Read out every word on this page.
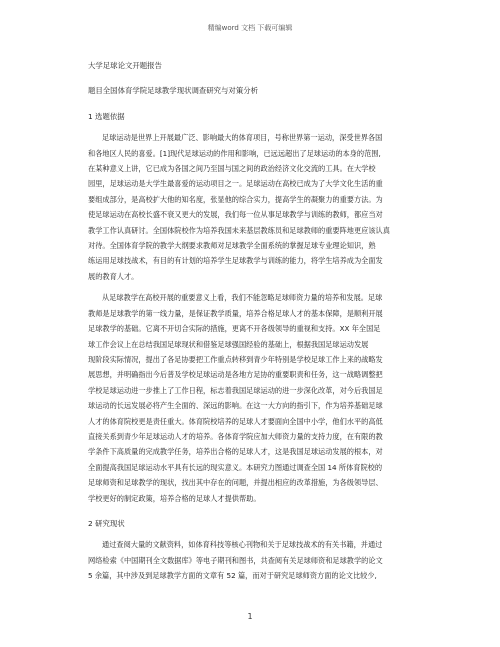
精编word 文档 下载可编辑
大学足球论文开题报告
题目全国体育学院足球教学现状调查研究与对策分析
1 选题依据
足球运动是世界上开展最广泛、影响最大的体育项目，号称世界第一运动，深受世界各国
和各地区人民的喜爱。[1]现代足球运动的作用和影响，已远远超出了足球运动的本身的范围,
在某种意义上讲，它已成为各国之间乃至国与国之间的政治经济文化交流的工具。在大学校
园里，足球运动是大学生最喜爱的运动项目之一。足球运动在高校已成为了大学文化生活的重
要组成部分，是高校扩大他的知名度，张显他的综合实力，提高学生的凝聚力的重要方法。为
使足球运动在高校长盛不衰又更大的发展，我们每一位从事足球教学与训练的教师，都应当对
教学工作认真研讨。全国体院校作为培养我国未来基层教练员和足球教师的重要阵地更应该认真
对待。全国体育学院的教学大纲要求教师对足球教学全面系统的掌握足球专业理论知识，熟
练运用足球技战术，有目的有计划的培养学生足球教学与训练的能力，将学生培养成为全面发
展的教育人才。
从足球教学在高校开展的重要意义上看，我们不能忽略足球师资力量的培养和发展。足球
教师是足球教学的第一线力量，是保证教学质量，培养合格足球人才的基本保障，是顺利开展
足球教学的基础。它离不开切合实际的措施，更离不开各级领导的重视和支持。XX 年全国足
球工作会议上在总结我国足球现状和借鉴足球强国经验的基础上，根据我国足球运动发展
现阶段实际情况，提出了各足协要把工作重点转移到青少年特别是学校足球工作上来的战略发
展思想，并明确指出今后普及学校足球运动是各地方足协的重要职责和任务，这一战略调整把
学校足球运动进一步推上了工作日程，标志着我国足球运动的进一步深化改革，对今后我国足
球运动的长远发展必将产生全面的、深远的影响。在这一大方向的指引下，作为培养基础足球
人才的体育院校更是责任重大。体育院校培养的足球人才要面向全国中小学，他们水平的高低
直接关系到青少年足球运动人才的培养。各体育学院应加大师资力量的支持力度，在有限的教
学条件下高质量的完成教学任务，培养出合格的足球人才，这是我国足球运动发展的根本，对
全面提高我国足球运动水平具有长远的现实意义。本研究力图通过调查全国 14 所体育院校的
足球师资和足球教学的现状，找出其中存在的问题，并提出相应的改革措施，为各级领导层、
学校更好的制定政策，培养合格的足球人才提供帮助。
2 研究现状
通过查阅大量的文献资料，如体育科技等核心刊物和关于足球技战术的有关书籍，并通过
网络检索《中国期刊全文数据库》等电子期刊和图书，共查阅有关足球师资和足球教学的论文
5 余篇，其中涉及到足球教学方面的文章有 52 篇，而对于研究足球师资方面的论文比较少,
1
